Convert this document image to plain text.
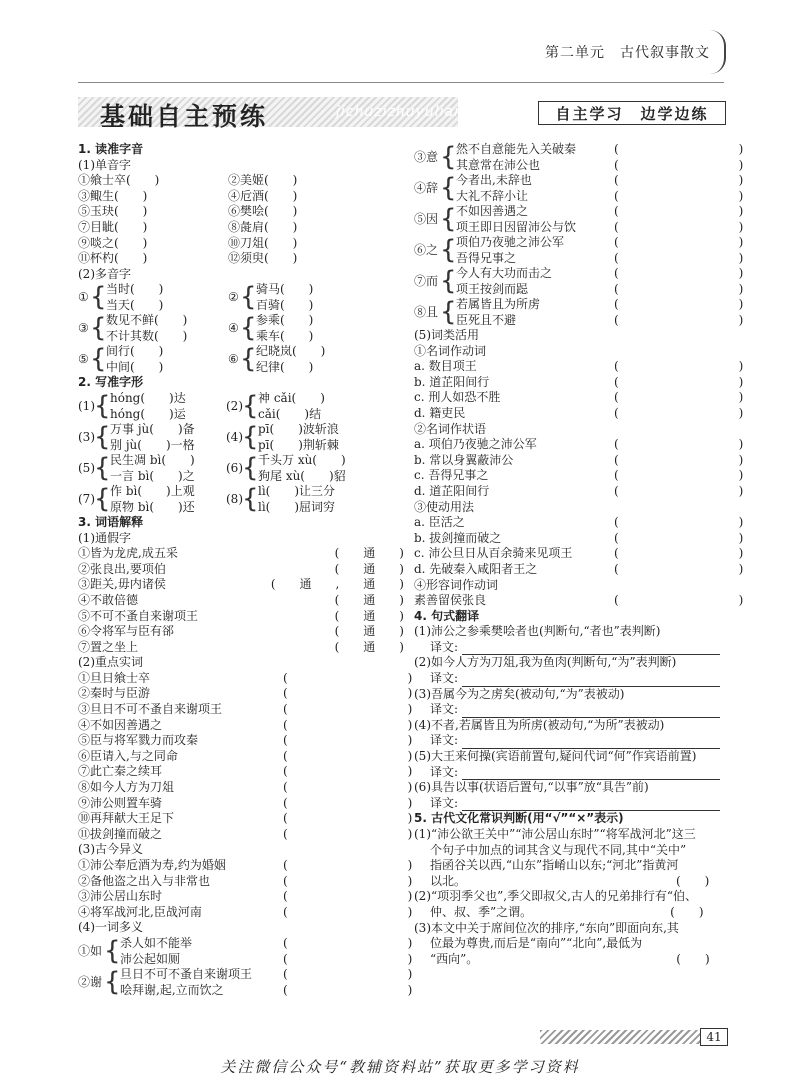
第二单元　古代叙事散文
基础自主预练	jichuzizhuyulian	自主学习　边学边练
1. 读准字音
(1)单音字
①飨士卒(　　)	②美姬(　　)
③鲰生(　　)	④卮酒(　　)
⑤玉玦(　　)	⑥樊哙(　　)
⑦目眦(　　)	⑧彘肩(　　)
⑨啖之(　　)	⑩刀俎(　　)
⑪杯杓(　　)	⑫须臾(　　)
(2)多音字
① { 当时(　　)
当天(　　)
② { 骑马(　　)
百骑(　　)
③ { 数见不鲜(　　)
不计其数(　　)
④ { 参乘(　　)
乘车(　　)
⑤ { 间行(　　)
中间(　　)
⑥ { 纪晓岚(　　)
纪律(　　)
2. 写准字形
(1) { hóng(　　)达
hóng(　　)运
(2) { 神 cǎi(　　)
cǎi(　　)结
(3) { 万事 jù(　　)备
别 jù(　　)一格
(4) { pī(　　)波斩浪
pī(　　)荆斩棘
(5) { 民生凋 bì(　　)
一言 bì(　　)之
(6) { 千头万 xù(　　)
狗尾 xù(　　)貂
(7) { 作 bì(　　)上观
原物 bì(　　)还
(8) { lì(　　)让三分
lì(　　)屈词穷
3. 词语解释
(1)通假字
①皆为龙虎,成五采	(　　通　　)
②张良出,要项伯	(　　通　　)
③距关,毋内诸侯	(　　通　　,　　通　　)
④不敢倍德	(　　通　　)
⑤不可不蚤自来谢项王	(　　通　　)
⑥令将军与臣有郤	(　　通　　)
⑦置之坐上	(　　通　　)
(2)重点实词
①旦日飨士卒	(　　　　　　　　　　)
②秦时与臣游	(　　　　　　　　　　)
③旦日不可不蚤自来谢项王	(　　　　　　　　　　)
④不如因善遇之	(　　　　　　　　　　)
⑤臣与将军戮力而攻秦	(　　　　　　　　　　)
⑥臣请入,与之同命	(　　　　　　　　　　)
⑦此亡秦之续耳	(　　　　　　　　　　)
⑧如今人方为刀俎	(　　　　　　　　　　)
⑨沛公则置车骑	(　　　　　　　　　　)
⑩再拜献大王足下	(　　　　　　　　　　)
⑪拔剑撞而破之	(　　　　　　　　　　)
(3)古今异义
①沛公奉卮酒为寿,约为婚姻	(　　　　　　　　　　)
②备他盗之出入与非常也	(　　　　　　　　　　)
③沛公居山东时	(　　　　　　　　　　)
④将军战河北,臣战河南	(　　　　　　　　　　)
(4)一词多义
①如 { 杀人如不能举
沛公起如厕
(　　　　　　　　　　)
(　　　　　　　　　　)
②谢 { 旦日不可不蚤自来谢项王
哙拜谢,起,立而饮之
(　　　　　　　　　　)
(　　　　　　　　　　)
③意 { 然不自意能先入关破秦
其意常在沛公也
(　　　　　　　　　　)
(　　　　　　　　　　)
④辞 { 今者出,未辞也
大礼不辞小让
(　　　　　　　　　　)
(　　　　　　　　　　)
⑤因 { 不如因善遇之
项王即日因留沛公与饮
(　　　　　　　　　　)
(　　　　　　　　　　)
⑥之 { 项伯乃夜驰之沛公军
吾得兄事之
(　　　　　　　　　　)
(　　　　　　　　　　)
⑦而 { 今人有大功而击之
项王按剑而跽
(　　　　　　　　　　)
(　　　　　　　　　　)
⑧且 { 若属皆且为所虏
臣死且不避
(　　　　　　　　　　)
(　　　　　　　　　　)
(5)词类活用
①名词作动词
a. 数目项王	(　　　　　　　　　　)
b. 道芷阳间行	(　　　　　　　　　　)
c. 刑人如恐不胜	(　　　　　　　　　　)
d. 籍吏民	(　　　　　　　　　　)
②名词作状语
a. 项伯乃夜驰之沛公军	(　　　　　　　　　　)
b. 常以身翼蔽沛公	(　　　　　　　　　　)
c. 吾得兄事之	(　　　　　　　　　　)
d. 道芷阳间行	(　　　　　　　　　　)
③使动用法
a. 臣活之	(　　　　　　　　　　)
b. 拔剑撞而破之	(　　　　　　　　　　)
c. 沛公旦日从百余骑来见项王	(　　　　　　　　　　)
d. 先破秦入咸阳者王之	(　　　　　　　　　　)
④形容词作动词
素善留侯张良	(　　　　　　　　　　)
4. 句式翻译
(1)沛公之参乘樊哙者也(判断句,“者也”表判断)
译文:
(2)如今人方为刀俎,我为鱼肉(判断句,“为”表判断)
译文:
(3)吾属今为之虏矣(被动句,“为”表被动)
译文:
(4)不者,若属皆且为所虏(被动句,“为所”表被动)
译文:
(5)大王来何操(宾语前置句,疑问代词“何”作宾语前置)
译文:
(6)具告以事(状语后置句,“以事”放“具告”前)
译文:
5. 古代文化常识判断(用“√”“×”表示)
(1)“沛公欲王关中”“沛公居山东时”“将军战河北”这三
个句子中加点的词其含义与现代不同,其中“关中”
指函谷关以西,“山东”指崤山以东;“河北”指黄河
以北。　　　　　　　　　　　　　　　　　　(　　)
(2)“项羽季父也”,季父即叔父,古人的兄弟排行有“伯、
仲、叔、季”之谓。　　　　　　　　　　　　(　　)
(3)本文中关于席间位次的排序,“东向”即面向东,其
位最为尊贵,而后是“南向”“北向”,最低为
“西向”。　　　　　　　　　　　　　　　　　(　　)
41
关注微信公众号“教辅资料站”获取更多学习资料
